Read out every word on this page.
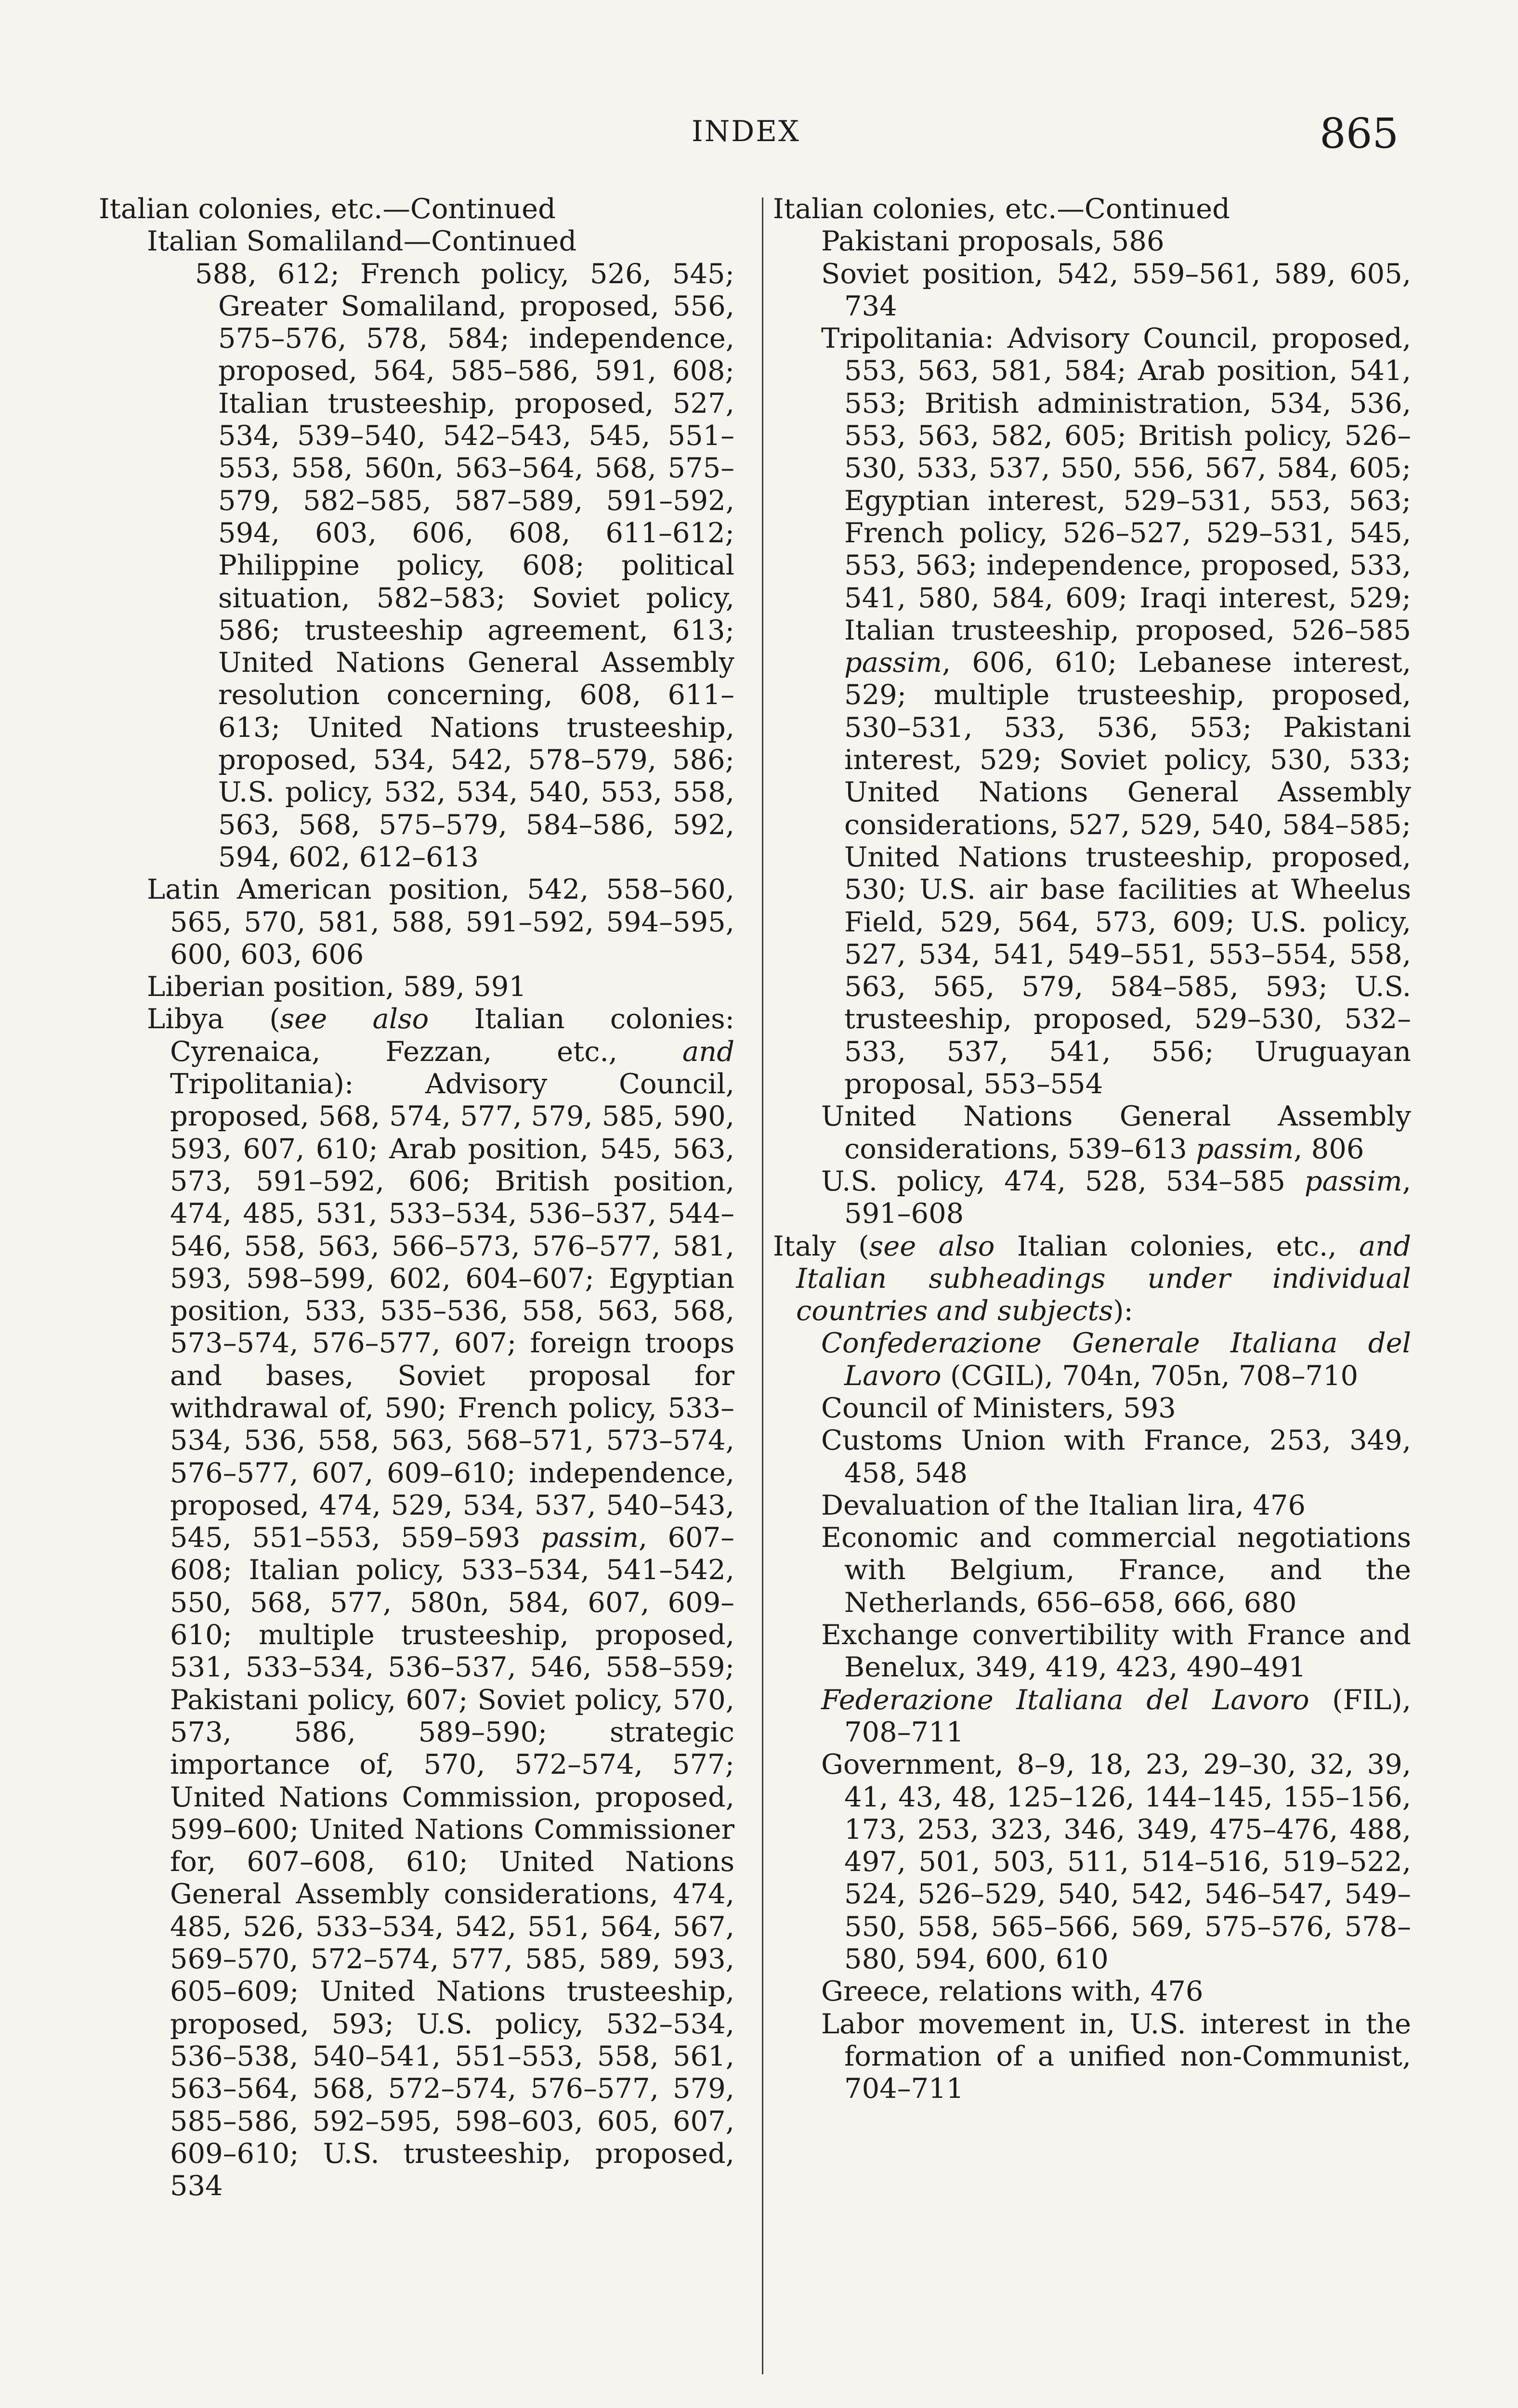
INDEX	865

Italian colonies, etc.—Continued

Italian Somaliland—Continued

588, 612; French policy, 526, 545; Greater Somaliland, proposed, 556, 575–576, 578, 584; independence, proposed, 564, 585–586, 591, 608; Italian trusteeship, proposed, 527, 534, 539–540, 542–543, 545, 551–553, 558, 560n, 563–564, 568, 575–579, 582–585, 587–589, 591–592, 594, 603, 606, 608, 611–612; Philippine policy, 608; political situation, 582–583; Soviet policy, 586; trusteeship agreement, 613; United Nations General Assembly resolution concerning, 608, 611–613; United Nations trusteeship, proposed, 534, 542, 578–579, 586; U.S. policy, 532, 534, 540, 553, 558, 563, 568, 575–579, 584–586, 592, 594, 602, 612–613

Latin American position, 542, 558–560, 565, 570, 581, 588, 591–592, 594–595, 600, 603, 606

Liberian position, 589, 591

Libya (see also Italian colonies: Cyrenaica, Fezzan, etc., and Tripolitania): Advisory Council, proposed, 568, 574, 577, 579, 585, 590, 593, 607, 610; Arab position, 545, 563, 573, 591–592, 606; British position, 474, 485, 531, 533–534, 536–537, 544–546, 558, 563, 566–573, 576–577, 581, 593, 598–599, 602, 604–607; Egyptian position, 533, 535–536, 558, 563, 568, 573–574, 576–577, 607; foreign troops and bases, Soviet proposal for withdrawal of, 590; French policy, 533–534, 536, 558, 563, 568–571, 573–574, 576–577, 607, 609–610; independence, proposed, 474, 529, 534, 537, 540–543, 545, 551–553, 559–593 passim, 607–608; Italian policy, 533–534, 541–542, 550, 568, 577, 580n, 584, 607, 609–610; multiple trusteeship, proposed, 531, 533–534, 536–537, 546, 558–559; Pakistani policy, 607; Soviet policy, 570, 573, 586, 589–590; strategic importance of, 570, 572–574, 577; United Nations Commission, proposed, 599–600; United Nations Commissioner for, 607–608, 610; United Nations General Assembly considerations, 474, 485, 526, 533–534, 542, 551, 564, 567, 569–570, 572–574, 577, 585, 589, 593, 605–609; United Nations trusteeship, proposed, 593; U.S. policy, 532–534, 536–538, 540–541, 551–553, 558, 561, 563–564, 568, 572–574, 576–577, 579, 585–586, 592–595, 598–603, 605, 607, 609–610; U.S. trusteeship, proposed, 534

Italian colonies, etc.—Continued

Pakistani proposals, 586

Soviet position, 542, 559–561, 589, 605, 734

Tripolitania: Advisory Council, proposed, 553, 563, 581, 584; Arab position, 541, 553; British administration, 534, 536, 553, 563, 582, 605; British policy, 526–530, 533, 537, 550, 556, 567, 584, 605; Egyptian interest, 529–531, 553, 563; French policy, 526–527, 529–531, 545, 553, 563; independence, proposed, 533, 541, 580, 584, 609; Iraqi interest, 529; Italian trusteeship, proposed, 526–585 passim, 606, 610; Lebanese interest, 529; multiple trusteeship, proposed, 530–531, 533, 536, 553; Pakistani interest, 529; Soviet policy, 530, 533; United Nations General Assembly considerations, 527, 529, 540, 584–585; United Nations trusteeship, proposed, 530; U.S. air base facilities at Wheelus Field, 529, 564, 573, 609; U.S. policy, 527, 534, 541, 549–551, 553–554, 558, 563, 565, 579, 584–585, 593; U.S. trusteeship, proposed, 529–530, 532–533, 537, 541, 556; Uruguayan proposal, 553–554

United Nations General Assembly considerations, 539–613 passim, 806

U.S. policy, 474, 528, 534–585 passim, 591–608

Italy (see also Italian colonies, etc., and Italian subheadings under individual countries and subjects):

Confederazione Generale Italiana del Lavoro (CGIL), 704n, 705n, 708–710

Council of Ministers, 593

Customs Union with France, 253, 349, 458, 548

Devaluation of the Italian lira, 476

Economic and commercial negotiations with Belgium, France, and the Netherlands, 656–658, 666, 680

Exchange convertibility with France and Benelux, 349, 419, 423, 490–491

Federazione Italiana del Lavoro (FIL), 708–711

Government, 8–9, 18, 23, 29–30, 32, 39, 41, 43, 48, 125–126, 144–145, 155–156, 173, 253, 323, 346, 349, 475–476, 488, 497, 501, 503, 511, 514–516, 519–522, 524, 526–529, 540, 542, 546–547, 549–550, 558, 565–566, 569, 575–576, 578–580, 594, 600, 610

Greece, relations with, 476

Labor movement in, U.S. interest in the formation of a unified non-Communist, 704–711
